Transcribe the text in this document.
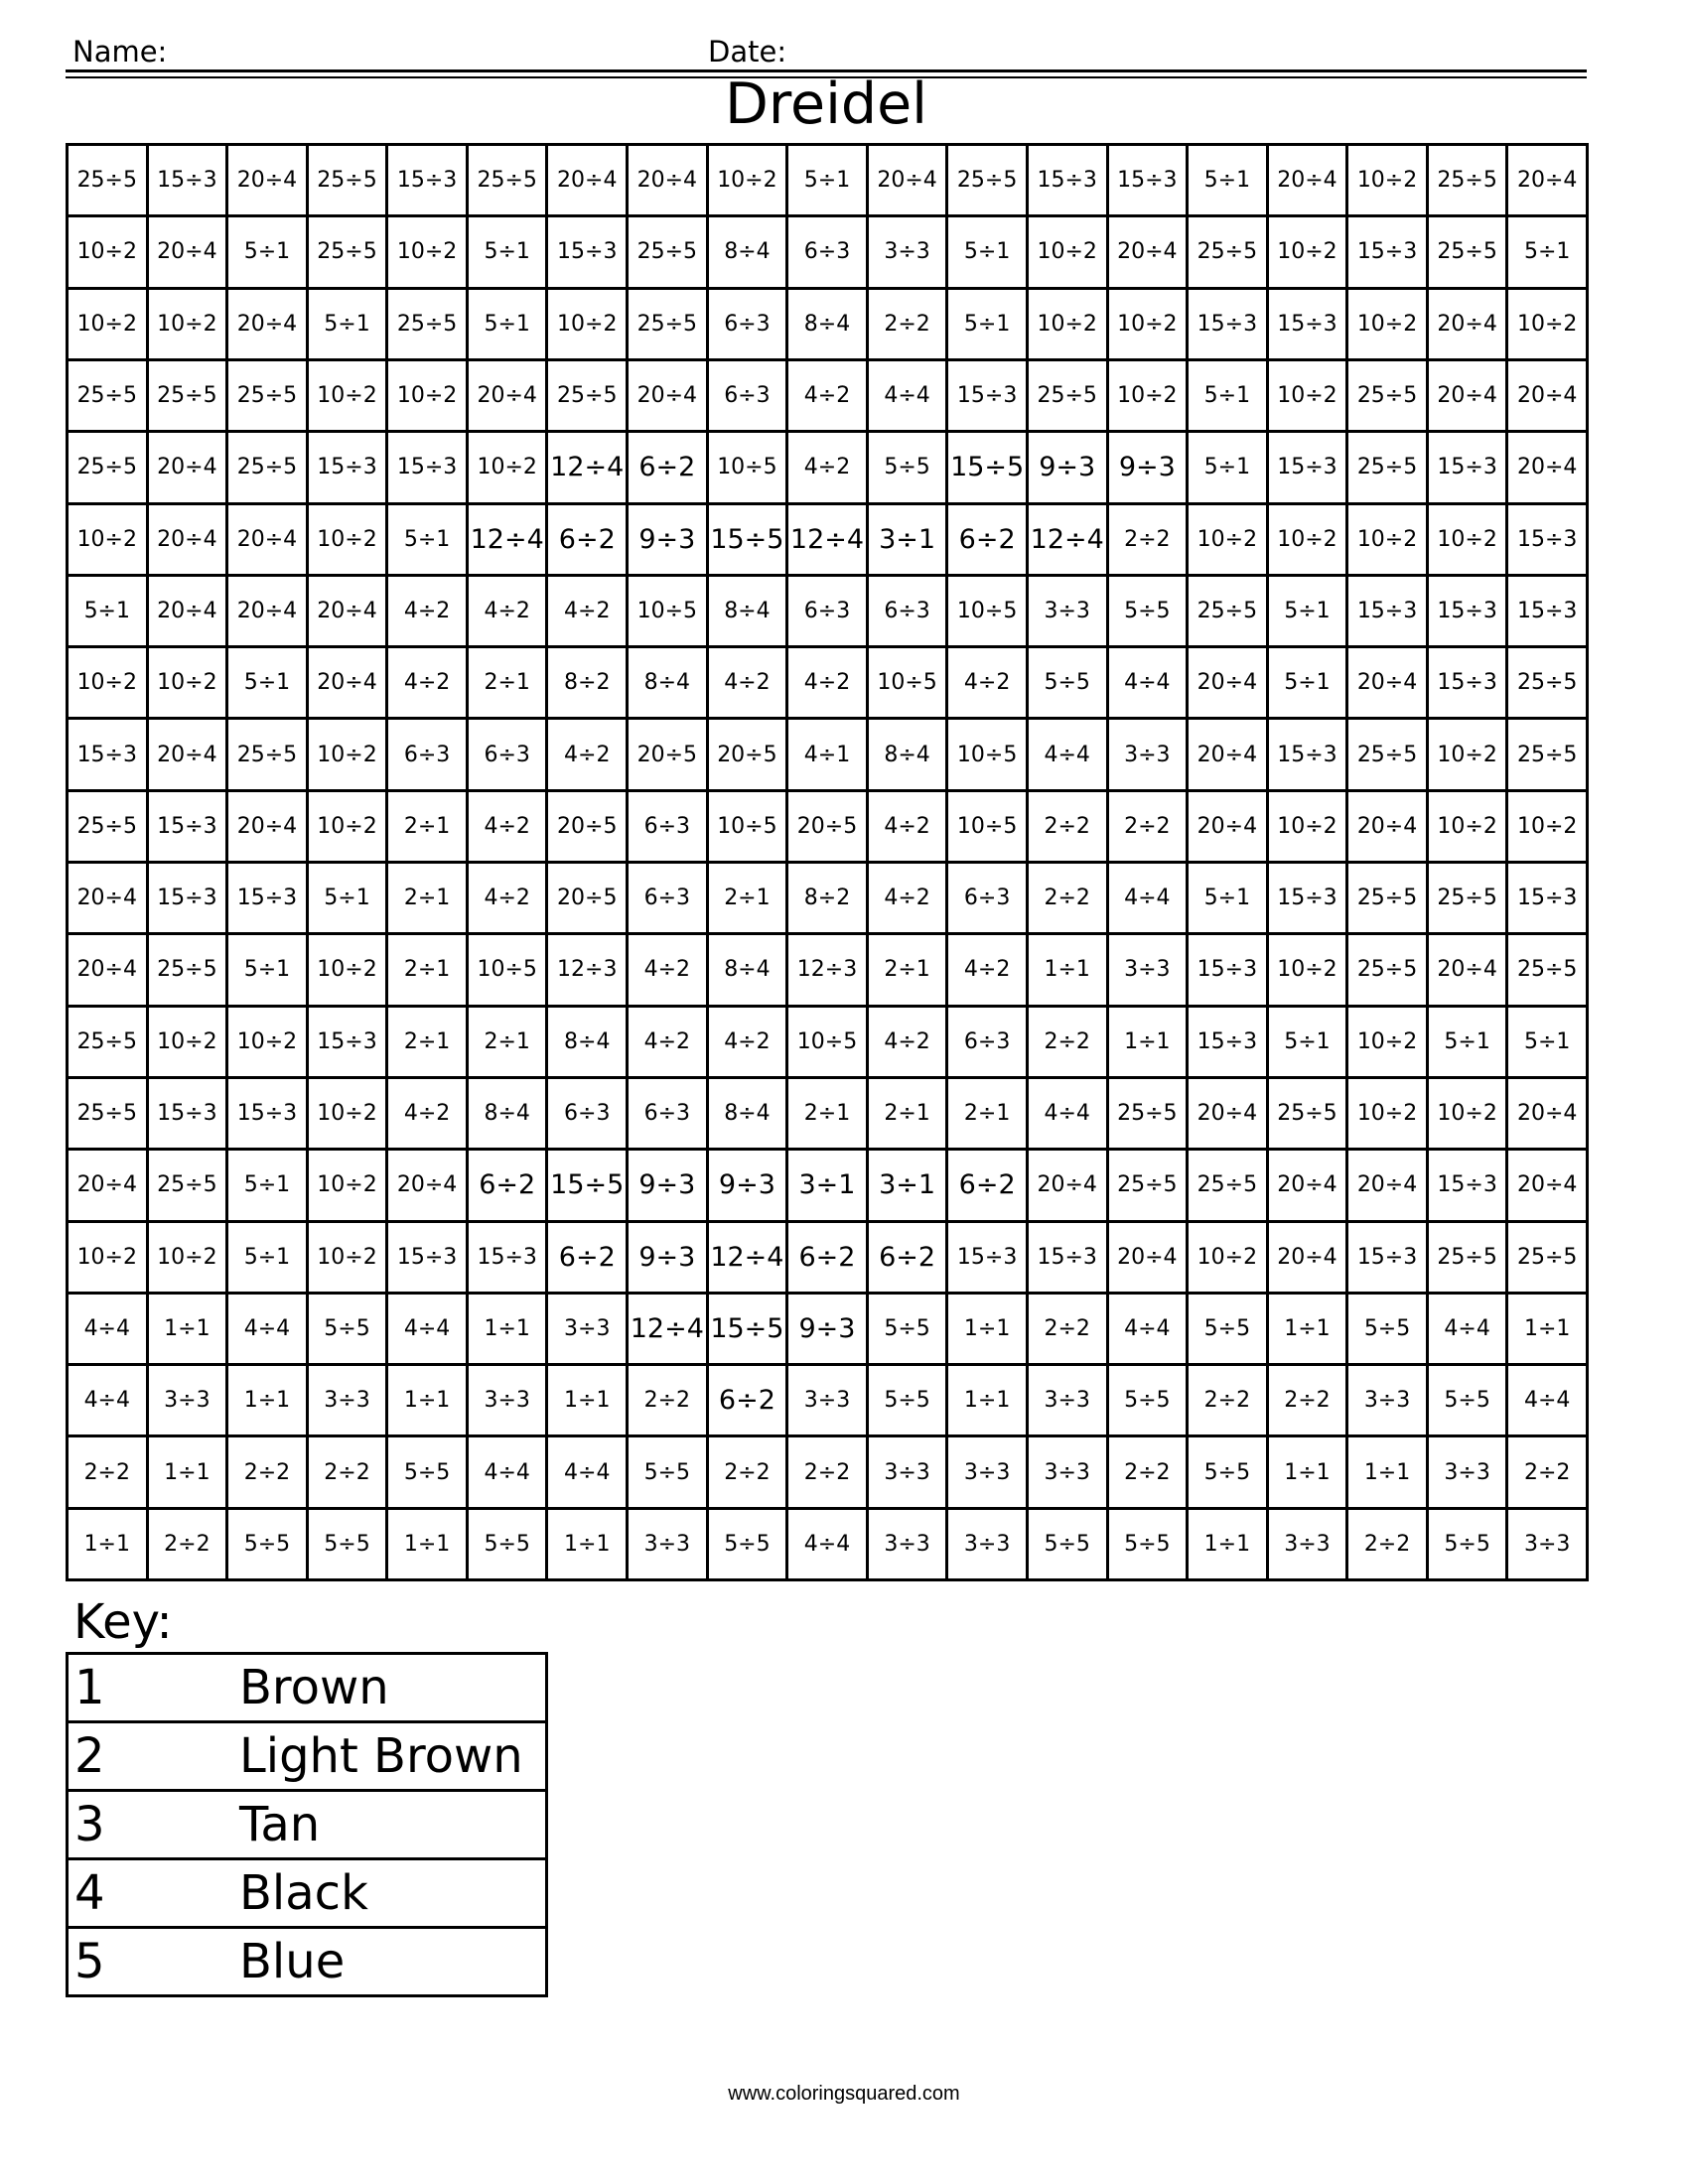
Name:	Date:
Dreidel
25÷5 15÷3 20÷4 25÷5 15÷3 25÷5 20÷4 20÷4 10÷2	5÷1	20÷4 25÷5 15÷3 15÷3	5÷1	20÷4 10÷2 25÷5 20÷4
10÷2 20÷4	5÷1	25÷5 10÷2	5÷1	15÷3 25÷5	8÷4	6÷3	3÷3	5÷1	10÷2 20÷4 25÷5 10÷2 15÷3 25÷5	5÷1
10÷2 10÷2 20÷4	5÷1	25÷5	5÷1	10÷2 25÷5	6÷3	8÷4	2÷2	5÷1	10÷2 10÷2 15÷3 15÷3 10÷2 20÷4 10÷2
25÷5 25÷5 25÷5 10÷2 10÷2 20÷4 25÷5 20÷4	6÷3	4÷2	4÷4	15÷3 25÷5 10÷2	5÷1	10÷2 25÷5 20÷4 20÷4
25÷5 20÷4 25÷5 15÷3 15÷3 10÷2 12÷4 6÷2 10÷5	4÷2	5÷5 15÷5 9÷3 9÷3	5÷1	15÷3 25÷5 15÷3 20÷4
10÷2 20÷4 20÷4 10÷2	5÷1 12÷4 6÷2 9÷3 15÷5 12÷4 3÷1 6÷2 12÷4 2÷2	10÷2 10÷2 10÷2 10÷2 15÷3
5÷1	20÷4 20÷4 20÷4	4÷2	4÷2	4÷2	10÷5	8÷4	6÷3	6÷3	10÷5	3÷3	5÷5	25÷5	5÷1	15÷3 15÷3 15÷3
10÷2 10÷2	5÷1	20÷4	4÷2	2÷1	8÷2	8÷4	4÷2	4÷2	10÷5	4÷2	5÷5	4÷4	20÷4	5÷1	20÷4 15÷3 25÷5
15÷3 20÷4 25÷5 10÷2	6÷3	6÷3	4÷2	20÷5 20÷5	4÷1	8÷4	10÷5	4÷4	3÷3	20÷4 15÷3 25÷5 10÷2 25÷5
25÷5 15÷3 20÷4 10÷2	2÷1	4÷2	20÷5	6÷3	10÷5 20÷5	4÷2	10÷5	2÷2	2÷2	20÷4 10÷2 20÷4 10÷2 10÷2
20÷4 15÷3 15÷3	5÷1	2÷1	4÷2	20÷5	6÷3	2÷1	8÷2	4÷2	6÷3	2÷2	4÷4	5÷1	15÷3 25÷5 25÷5 15÷3
20÷4 25÷5	5÷1	10÷2	2÷1	10÷5 12÷3	4÷2	8÷4	12÷3	2÷1	4÷2	1÷1	3÷3	15÷3 10÷2 25÷5 20÷4 25÷5
25÷5 10÷2 10÷2 15÷3	2÷1	2÷1	8÷4	4÷2	4÷2	10÷5	4÷2	6÷3	2÷2	1÷1	15÷3	5÷1	10÷2	5÷1	5÷1
25÷5 15÷3 15÷3 10÷2	4÷2	8÷4	6÷3	6÷3	8÷4	2÷1	2÷1	2÷1	4÷4	25÷5 20÷4 25÷5 10÷2 10÷2 20÷4
20÷4 25÷5	5÷1	10÷2 20÷4 6÷2 15÷5 9÷3 9÷3 3÷1 3÷1 6÷2 20÷4 25÷5 25÷5 20÷4 20÷4 15÷3 20÷4
10÷2 10÷2	5÷1	10÷2 15÷3 15÷3 6÷2 9÷3 12÷4 6÷2 6÷2 15÷3 15÷3 20÷4 10÷2 20÷4 15÷3 25÷5 25÷5
4÷4	1÷1	4÷4	5÷5	4÷4	1÷1	3÷3 12÷4 15÷5 9÷3	5÷5	1÷1	2÷2	4÷4	5÷5	1÷1	5÷5	4÷4	1÷1
4÷4	3÷3	1÷1	3÷3	1÷1	3÷3	1÷1	2÷2	6÷2	3÷3	5÷5	1÷1	3÷3	5÷5	2÷2	2÷2	3÷3	5÷5	4÷4
2÷2	1÷1	2÷2	2÷2	5÷5	4÷4	4÷4	5÷5	2÷2	2÷2	3÷3	3÷3	3÷3	2÷2	5÷5	1÷1	1÷1	3÷3	2÷2
1÷1	2÷2	5÷5	5÷5	1÷1	5÷5	1÷1	3÷3	5÷5	4÷4	3÷3	3÷3	5÷5	5÷5	1÷1	3÷3	2÷2	5÷5	3÷3
Key:
1	Brown
2	Light Brown
3	Tan
4	Black
5	Blue
www.coloringsquared.com
